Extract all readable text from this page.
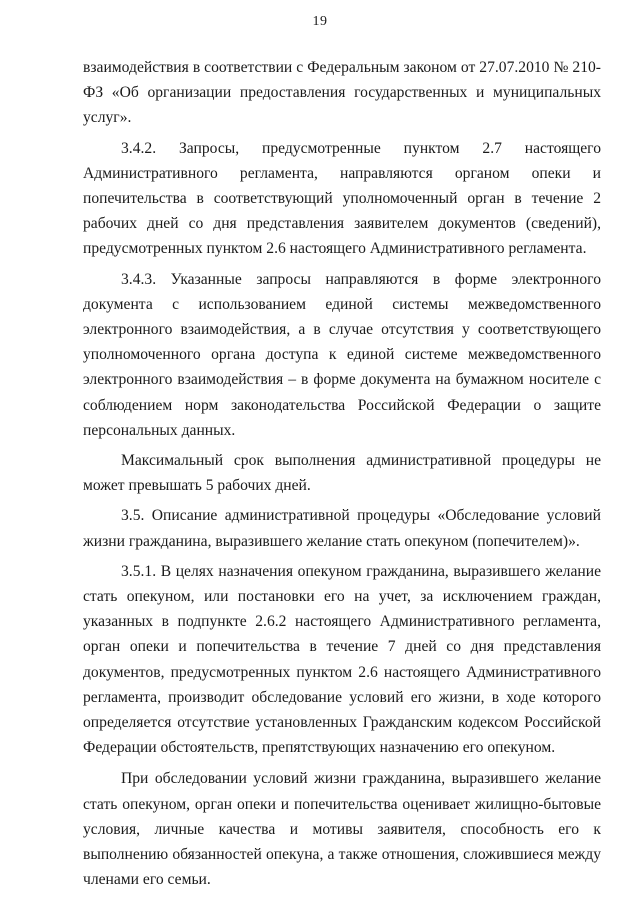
19

взаимодействия в соответствии с Федеральным законом от 27.07.2010 № 210-ФЗ «Об организации предоставления государственных и муниципальных услуг».

3.4.2. Запросы, предусмотренные пунктом 2.7 настоящего Административного регламента, направляются органом опеки и попечительства в соответствующий уполномоченный орган в течение 2 рабочих дней со дня представления заявителем документов (сведений), предусмотренных пунктом 2.6 настоящего Административного регламента.

3.4.3. Указанные запросы направляются в форме электронного документа с использованием единой системы межведомственного электронного взаимодействия, а в случае отсутствия у соответствующего уполномоченного органа доступа к единой системе межведомственного электронного взаимодействия – в форме документа на бумажном носителе с соблюдением норм законодательства Российской Федерации о защите персональных данных.

Максимальный срок выполнения административной процедуры не может превышать 5 рабочих дней.

3.5. Описание административной процедуры «Обследование условий жизни гражданина, выразившего желание стать опекуном (попечителем)».

3.5.1. В целях назначения опекуном гражданина, выразившего желание стать опекуном, или постановки его на учет, за исключением граждан, указанных в подпункте 2.6.2 настоящего Административного регламента, орган опеки и попечительства в течение 7 дней со дня представления документов, предусмотренных пунктом 2.6 настоящего Административного регламента, производит обследование условий его жизни, в ходе которого определяется отсутствие установленных Гражданским кодексом Российской Федерации обстоятельств, препятствующих назначению его опекуном.

При обследовании условий жизни гражданина, выразившего желание стать опекуном, орган опеки и попечительства оценивает жилищно-бытовые условия, личные качества и мотивы заявителя, способность его к выполнению обязанностей опекуна, а также отношения, сложившиеся между членами его семьи.
